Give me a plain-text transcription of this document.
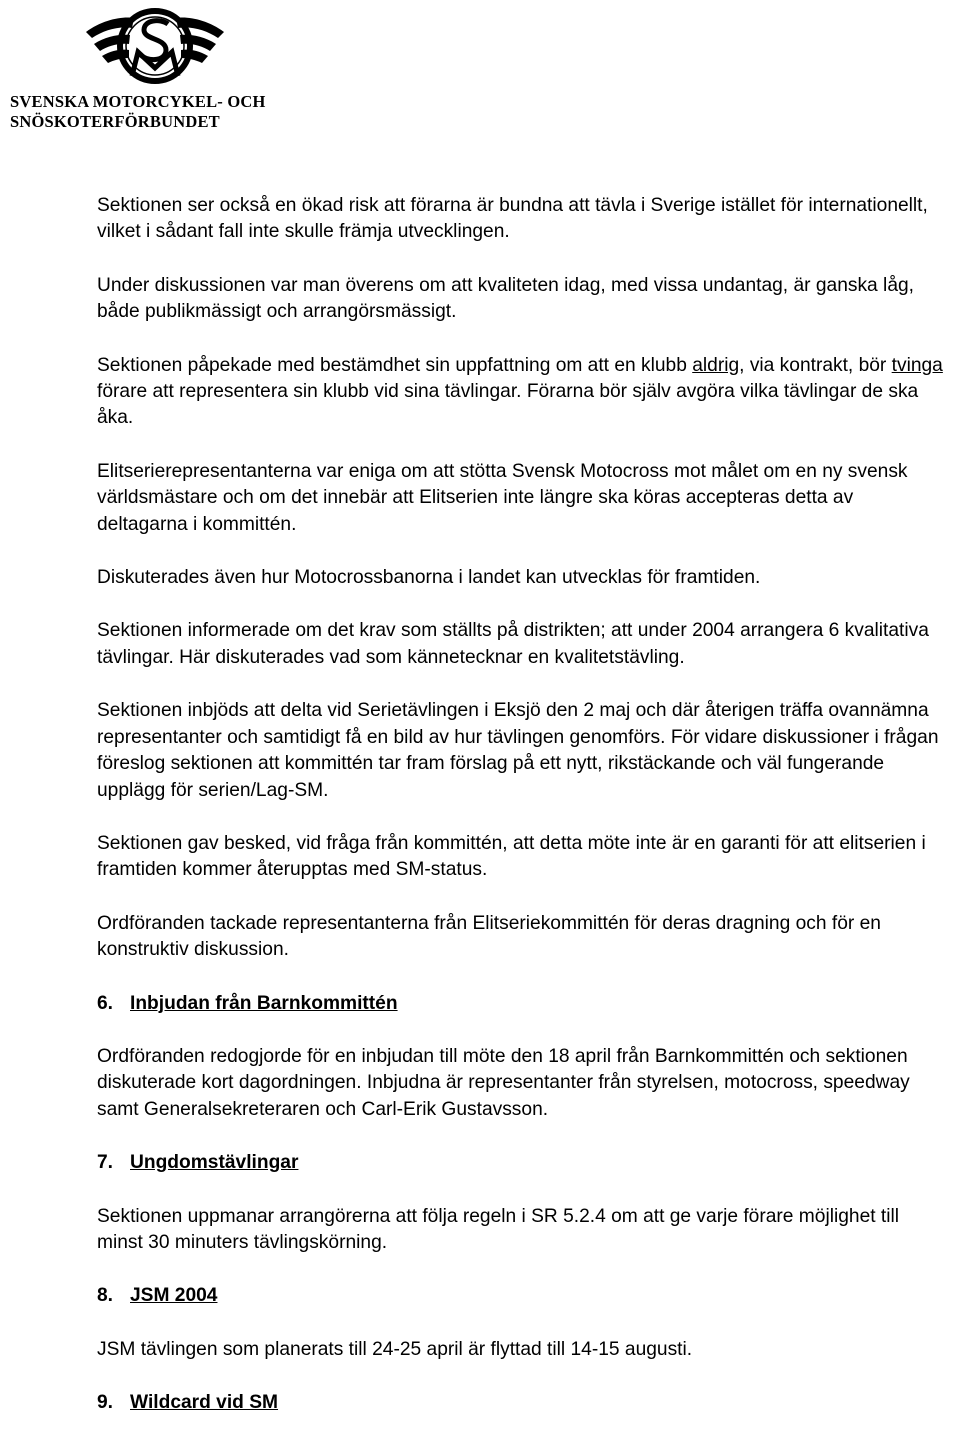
SVENSKA MOTORCYKEL- OCH
SNÖSKOTERFÖRBUNDET

Sektionen ser också en ökad risk att förarna är bundna att tävla i Sverige istället för internationellt, vilket i sådant fall inte skulle främja utvecklingen.

Under diskussionen var man överens om att kvaliteten idag, med vissa undantag, är ganska låg, både publikmässigt och arrangörsmässigt.

Sektionen påpekade med bestämdhet sin uppfattning om att en klubb aldrig, via kontrakt, bör tvinga förare att representera sin klubb vid sina tävlingar. Förarna bör själv avgöra vilka tävlingar de ska åka.

Elitserierepresentanterna var eniga om att stötta Svensk Motocross mot målet om en ny svensk världsmästare och om det innebär att Elitserien inte längre ska köras accepteras detta av deltagarna i kommittén.

Diskuterades även hur Motocrossbanorna i landet kan utvecklas för framtiden.

Sektionen informerade om det krav som ställts på distrikten; att under 2004 arrangera 6 kvalitativa tävlingar. Här diskuterades vad som kännetecknar en kvalitetstävling.

Sektionen inbjöds att delta vid Serietävlingen i Eksjö den 2 maj och där återigen träffa ovannämna representanter och samtidigt få en bild av hur tävlingen genomförs. För vidare diskussioner i frågan föreslog sektionen att kommittén tar fram förslag på ett nytt, rikstäckande och väl fungerande upplägg för serien/Lag-SM.

Sektionen gav besked, vid fråga från kommittén, att detta möte inte är en garanti för att elitserien i framtiden kommer återupptas med SM-status.

Ordföranden tackade representanterna från Elitseriekommittén för deras dragning och för en konstruktiv diskussion.

6. Inbjudan från Barnkommittén

Ordföranden redogjorde för en inbjudan till möte den 18 april från Barnkommittén och sektionen diskuterade kort dagordningen. Inbjudna är representanter från styrelsen, motocross, speedway samt Generalsekreteraren och Carl-Erik Gustavsson.

7. Ungdomstävlingar

Sektionen uppmanar arrangörerna att följa regeln i SR 5.2.4 om att ge varje förare möjlighet till minst 30 minuters tävlingskörning.

8. JSM 2004

JSM tävlingen som planerats till 24-25 april är flyttad till 14-15 augusti.

9. Wildcard vid SM
